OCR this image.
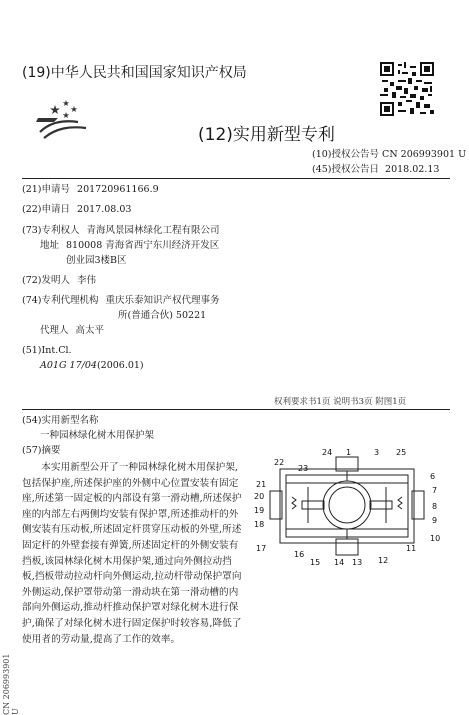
(19)中华人民共和国国家知识产权局
(12)实用新型专利
(10)授权公告号 CN 206993901 U
(45)授权公告日 2018.02.13
(21)申请号 201720961166.9
(22)申请日 2017.08.03
(73)专利权人 青海风景园林绿化工程有限公司
地址 810008 青海省西宁东川经济开发区
创业园3楼B区
(72)发明人 李伟
(74)专利代理机构 重庆乐泰知识产权代理事务
所(普通合伙) 50221
代理人 高太平
(51)Int.Cl.
A01G 17/04(2006.01)
权利要求书1页 说明书3页 附图1页
(54)实用新型名称
一种园林绿化树木用保护架
(57)摘要
本实用新型公开了一种园林绿化树木用保护架,包括保护座,所述保护座的外侧中心位置安装有固定座,所述第一固定板的内部设有第一滑动槽,所述保护座的内部左右两侧均安装有保护罩,所述推动杆的外侧安装有压动板,所述固定杆贯穿压动板的外壁,所述固定杆的外壁套接有弹簧,所述固定杆的外侧安装有挡板,该园林绿化树木用保护架,通过向外侧拉动挡板,挡板带动拉动杆向外侧运动,拉动杆带动保护罩向外侧运动,保护罩带动第一滑动块在第一滑动槽的内部向外侧运动,推动杆推动保护罩对绿化树木进行保护,确保了对绿化树木进行固定保护时较容易,降低了使用者的劳动量,提高了工作的效率。
24 1	3 25
22
23
21
20
19
18
17
16
15 14 13 12
11
10
9
8
7
6
CN 206993901 U
